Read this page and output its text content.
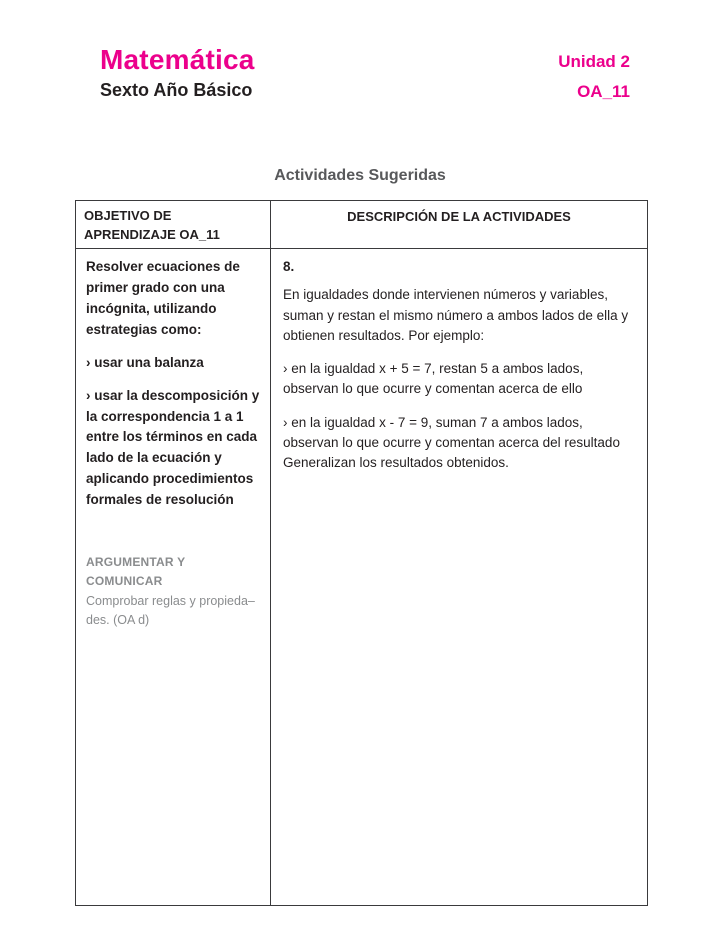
Matemática
Sexto Año Básico
Unidad 2
OA_11
Actividades Sugeridas
OBJETIVO DE APRENDIZAJE OA_11
DESCRIPCIÓN DE LA ACTIVIDADES

Resolver ecuaciones de primer grado con una incógnita, utilizando estrategias como:

› usar una balanza

› usar la descomposición y la correspondencia 1 a 1 entre los términos en cada lado de la ecuación y aplicando procedimientos formales de resolución

ARGUMENTAR Y COMUNICAR
Comprobar reglas y propieda–des. (OA d)
8.

En igualdades donde intervienen números y variables, suman y restan el mismo número a ambos lados de ella y obtienen resultados. Por ejemplo:

› en la igualdad x + 5 = 7, restan 5 a ambos lados, observan lo que ocurre y comentan acerca de ello

› en la igualdad x - 7 = 9, suman 7 a ambos lados, observan lo que ocurre y comentan acerca del resultado Generalizan los resultados obtenidos.
